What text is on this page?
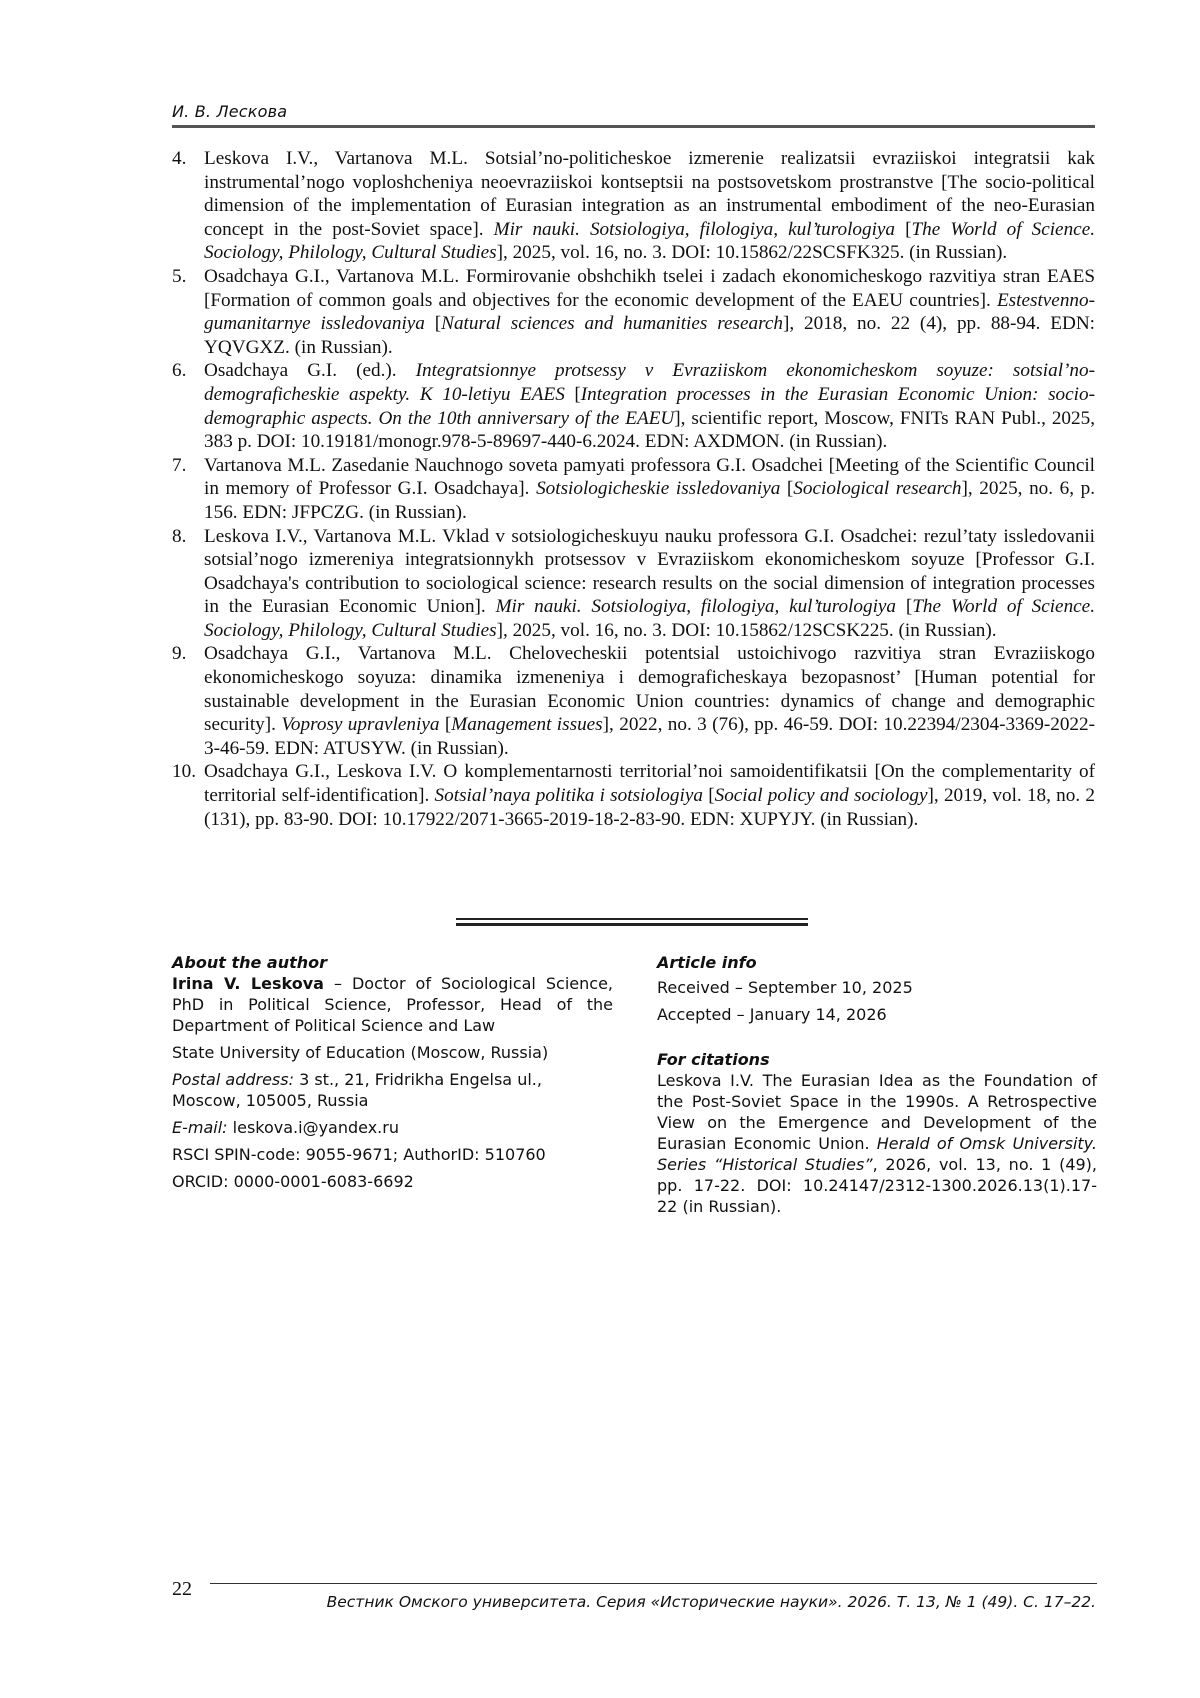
И. В. Лескова
4. Leskova I.V., Vartanova M.L. Sotsial’no-politicheskoe izmerenie realizatsii evraziiskoi integratsii kak instrumental’nogo voploshcheniya neoevraziiskoi kontseptsii na postsovetskom prostranstve [The socio-political dimension of the implementation of Eurasian integration as an instrumental embodiment of the neo-Eurasian concept in the post-Soviet space]. Mir nauki. Sotsiologiya, filologiya, kul’turologiya [The World of Science. Sociology, Philology, Cultural Studies], 2025, vol. 16, no. 3. DOI: 10.15862/22SCSFK325. (in Russian).
5. Osadchaya G.I., Vartanova M.L. Formirovanie obshchikh tselei i zadach ekonomicheskogo razvitiya stran EAES [Formation of common goals and objectives for the economic development of the EAEU countries]. Estestvenno-gumanitarnye issledovaniya [Natural sciences and humanities research], 2018, no. 22 (4), pp. 88-94. EDN: YQVGXZ. (in Russian).
6. Osadchaya G.I. (ed.). Integratsionnye protsessy v Evraziiskom ekonomicheskom soyuze: sotsial’no-demograficheskie aspekty. K 10-letiyu EAES [Integration processes in the Eurasian Economic Union: socio-demographic aspects. On the 10th anniversary of the EAEU], scientific report, Moscow, FNITs RAN Publ., 2025, 383 p. DOI: 10.19181/monogr.978-5-89697-440-6.2024. EDN: AXDMON. (in Russian).
7. Vartanova M.L. Zasedanie Nauchnogo soveta pamyati professora G.I. Osadchei [Meeting of the Scientific Council in memory of Professor G.I. Osadchaya]. Sotsiologicheskie issledovaniya [Sociological research], 2025, no. 6, p. 156. EDN: JFPCZG. (in Russian).
8. Leskova I.V., Vartanova M.L. Vklad v sotsiologicheskuyu nauku professora G.I. Osadchei: rezul’taty issledovanii sotsial’nogo izmereniya integratsionnykh protsessov v Evraziiskom ekonomicheskom soyuze [Professor G.I. Osadchaya's contribution to sociological science: research results on the social dimension of integration processes in the Eurasian Economic Union]. Mir nauki. Sotsiologiya, filologiya, kul’turologiya [The World of Science. Sociology, Philology, Cultural Studies], 2025, vol. 16, no. 3. DOI: 10.15862/12SCSK225. (in Russian).
9. Osadchaya G.I., Vartanova M.L. Chelovecheskii potentsial ustoichivogo razvitiya stran Evraziiskogo ekonomicheskogo soyuza: dinamika izmeneniya i demograficheskaya bezopasnost’ [Human potential for sustainable development in the Eurasian Economic Union countries: dynamics of change and demographic security]. Voprosy upravleniya [Management issues], 2022, no. 3 (76), pp. 46-59. DOI: 10.22394/2304-3369-2022-3-46-59. EDN: ATUSYW. (in Russian).
10. Osadchaya G.I., Leskova I.V. O komplementarnosti territorial’noi samoidentifikatsii [On the complementarity of territorial self-identification]. Sotsial’naya politika i sotsiologiya [Social policy and sociology], 2019, vol. 18, no. 2 (131), pp. 83-90. DOI: 10.17922/2071-3665-2019-18-2-83-90. EDN: XUPYJY. (in Russian).

About the author

Irina V. Leskova – Doctor of Sociological Science, PhD in Political Science, Professor, Head of the Department of Political Science and Law

State University of Education (Moscow, Russia)

Postal address: 3 st., 21, Fridrikha Engelsa ul., Moscow, 105005, Russia

E-mail: leskova.i@yandex.ru

RSCI SPIN-code: 9055-9671; AuthorID: 510760

ORCID: 0000-0001-6083-6692

Article info

Received – September 10, 2025

Accepted – January 14, 2026

For citations

Leskova I.V. The Eurasian Idea as the Foundation of the Post-Soviet Space in the 1990s. A Retrospective View on the Emergence and Development of the Eurasian Economic Union. Herald of Omsk University. Series “Historical Studies”, 2026, vol. 13, no. 1 (49), pp. 17-22. DOI: 10.24147/2312-1300.2026.13(1).17-22 (in Russian).

22
Вестник Омского университета. Серия «Исторические науки». 2026. Т. 13, № 1 (49). С. 17–22.
